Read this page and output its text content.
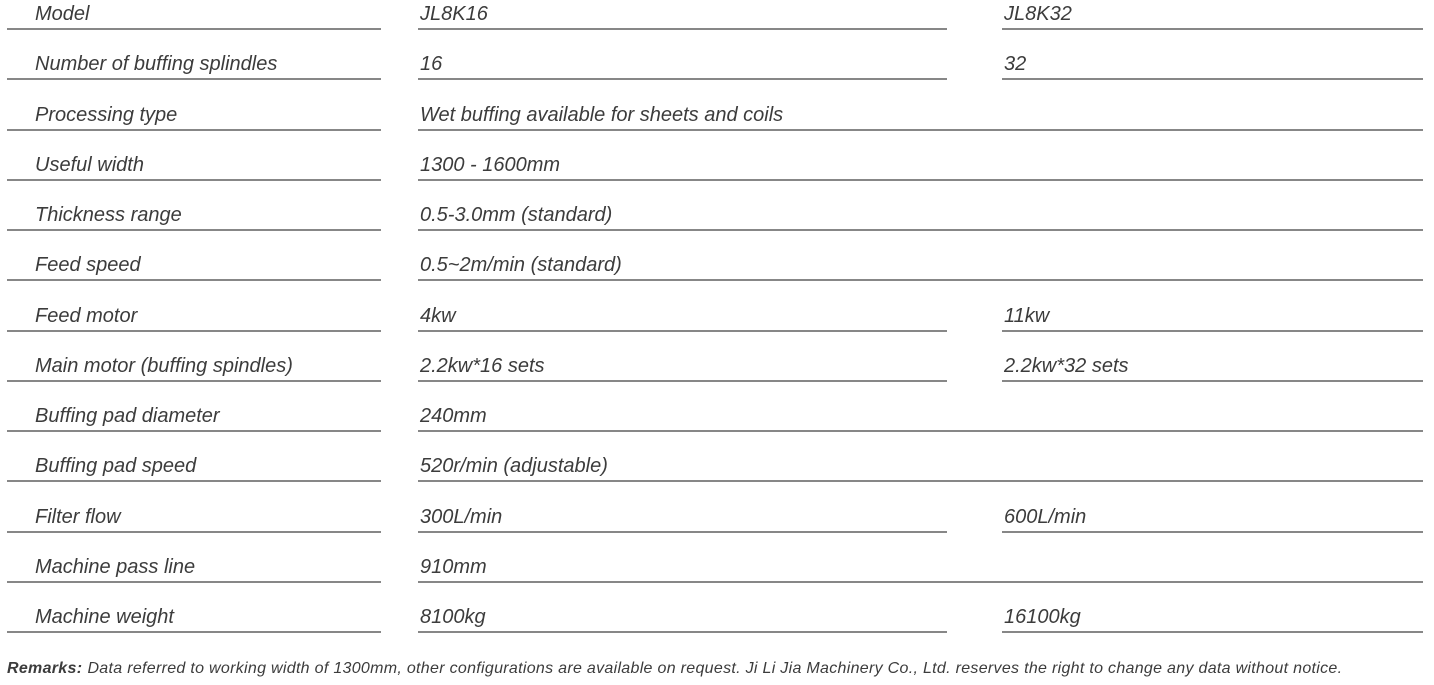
Model	JL8K16	JL8K32
Number of buffing splindles	16	32
Processing type	Wet buffing available for sheets and coils
Useful width	1300 - 1600mm
Thickness range	0.5-3.0mm (standard)
Feed speed	0.5~2m/min (standard)
Feed motor	4kw	11kw
Main motor (buffing spindles)	2.2kw*16 sets	2.2kw*32 sets
Buffing pad diameter	240mm
Buffing pad speed	520r/min (adjustable)
Filter flow	300L/min	600L/min
Machine pass line	910mm
Machine weight	8100kg	16100kg
Remarks: Data referred to working width of 1300mm, other configurations are available on request. Ji Li Jia Machinery Co., Ltd. reserves the right to change any data without notice.
